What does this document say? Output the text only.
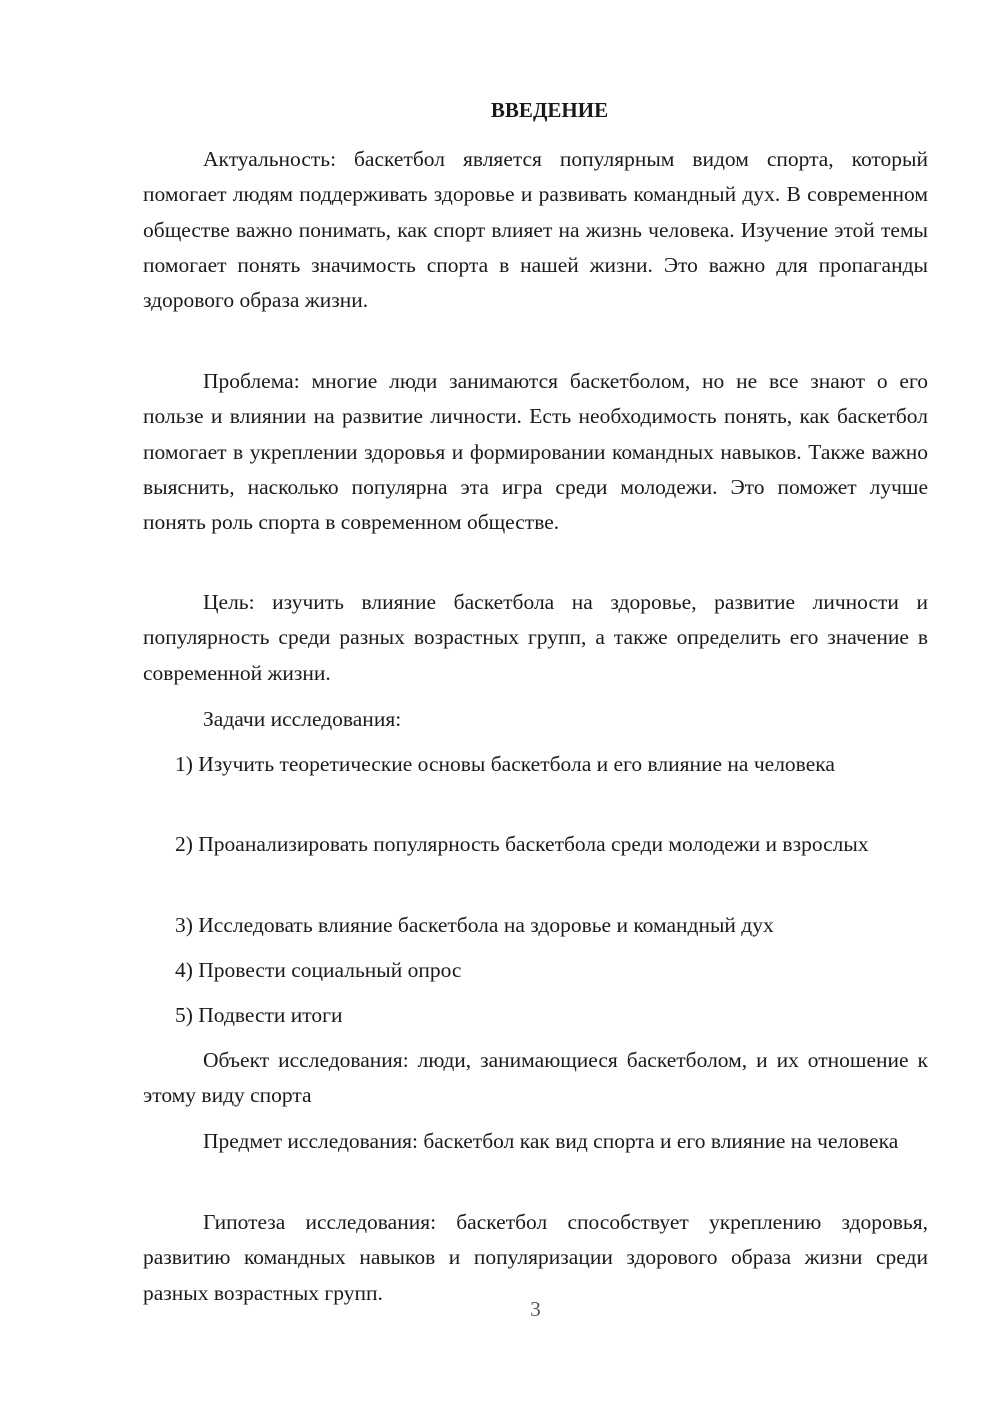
ВВЕДЕНИЕ

Актуальность: баскетбол является популярным видом спорта, который помогает людям поддерживать здоровье и развивать командный дух. В современном обществе важно понимать, как спорт влияет на жизнь человека. Изучение этой темы помогает понять значимость спорта в нашей жизни. Это важно для пропаганды здорового образа жизни.

Проблема: многие люди занимаются баскетболом, но не все знают о его пользе и влиянии на развитие личности. Есть необходимость понять, как баскетбол помогает в укреплении здоровья и формировании командных навыков. Также важно выяснить, насколько популярна эта игра среди молодежи. Это поможет лучше понять роль спорта в современном обществе.

Цель: изучить влияние баскетбола на здоровье, развитие личности и популярность среди разных возрастных групп, а также определить его значение в современной жизни.

Задачи исследования:

1) Изучить теоретические основы баскетбола и его влияние на человека

2) Проанализировать популярность баскетбола среди молодежи и взрослых

3) Исследовать влияние баскетбола на здоровье и командный дух

4) Провести социальный опрос

5) Подвести итоги

Объект исследования: люди, занимающиеся баскетболом, и их отношение к этому виду спорта

Предмет исследования: баскетбол как вид спорта и его влияние на человека

Гипотеза исследования: баскетбол способствует укреплению здоровья, развитию командных навыков и популяризации здорового образа жизни среди разных возрастных групп.

3
